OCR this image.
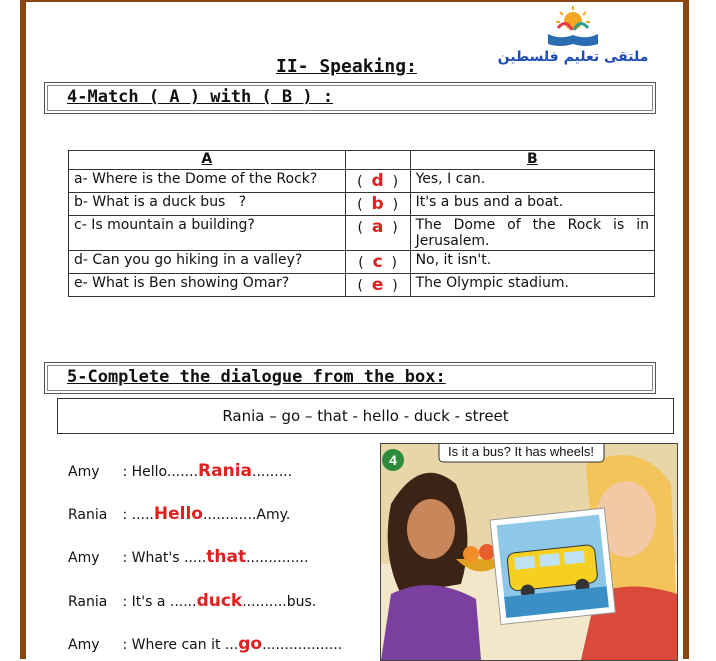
ملتقى تعليم فلسطين
II- Speaking:
4-Match ( A ) with ( B ) :
A		B
a- Where is the Dome of the Rock?	( d )	Yes, I can.
b- What is a duck bus   ?	( b )	It's a bus and a boat.
c- Is mountain a building?	( a )	The Dome of the Rock is in Jerusalem.
d- Can you go hiking in a valley?	( c )	No, it isn't.
e- What is Ben showing Omar?	( e )	The Olympic stadium.
5-Complete the dialogue from the box:
Rania – go – that - hello - duck - street
Amy : Hello.......Rania.........
Rania : .....Hello............Amy.
Amy : What's .....that..............
Rania : It's a ......duck..........bus.
Amy : Where can it ...go..................
4
Is it a bus? It has wheels!
